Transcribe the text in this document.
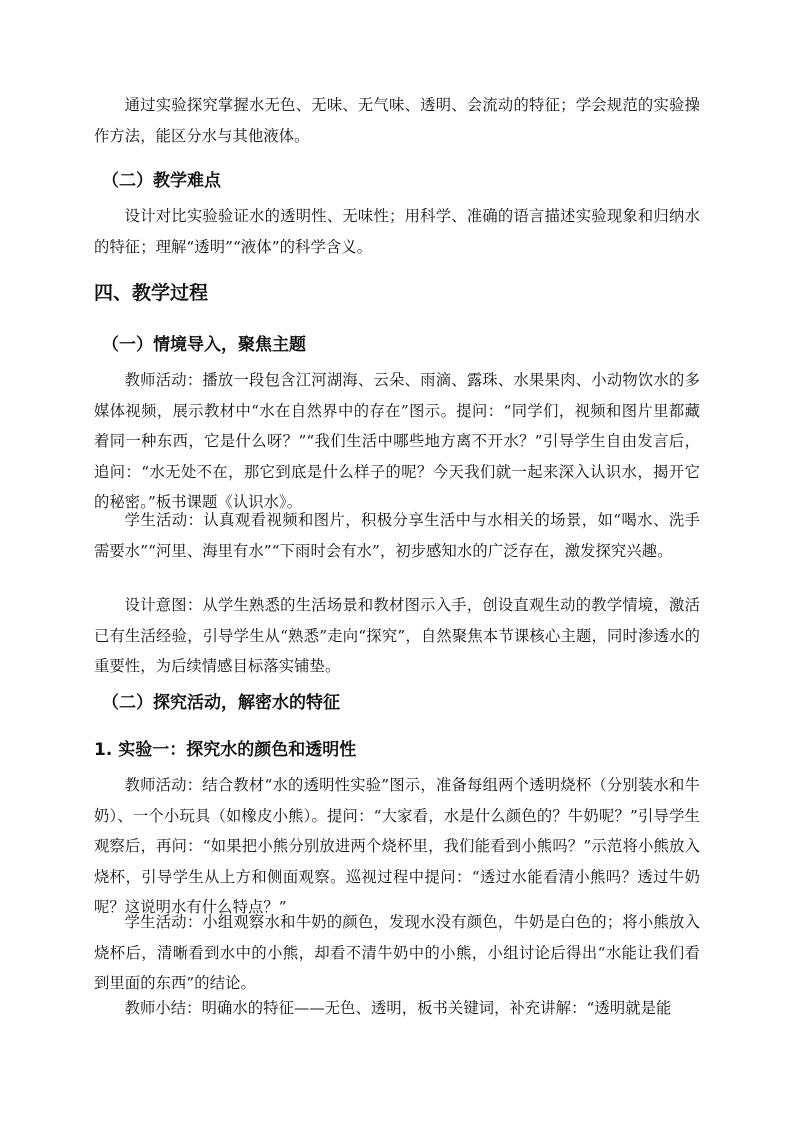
通过实验探究掌握水无色、无味、无气味、透明、会流动的特征；学会规范的实验操作方法，能区分水与其他液体。

（二）教学难点

设计对比实验验证水的透明性、无味性；用科学、准确的语言描述实验现象和归纳水的特征；理解“透明”“液体”的科学含义。

四、教学过程
（一）情境导入，聚焦主题

教师活动：播放一段包含江河湖海、云朵、雨滴、露珠、水果果肉、小动物饮水的多媒体视频，展示教材中“水在自然界中的存在”图示。提问：“同学们，视频和图片里都藏着同一种东西，它是什么呀？”“我们生活中哪些地方离不开水？”引导学生自由发言后，追问：“水无处不在，那它到底是什么样子的呢？今天我们就一起来深入认识水，揭开它的秘密。”板书课题《认识水》。

学生活动：认真观看视频和图片，积极分享生活中与水相关的场景，如“喝水、洗手需要水”“河里、海里有水”“下雨时会有水”，初步感知水的广泛存在，激发探究兴趣。

设计意图：从学生熟悉的生活场景和教材图示入手，创设直观生动的教学情境，激活已有生活经验，引导学生从“熟悉”走向“探究”，自然聚焦本节课核心主题，同时渗透水的重要性，为后续情感目标落实铺垫。

（二）探究活动，解密水的特征
1. 实验一：探究水的颜色和透明性

教师活动：结合教材“水的透明性实验”图示，准备每组两个透明烧杯（分别装水和牛奶）、一个小玩具（如橡皮小熊）。提问：“大家看，水是什么颜色的？牛奶呢？”引导学生观察后，再问：“如果把小熊分别放进两个烧杯里，我们能看到小熊吗？”示范将小熊放入烧杯，引导学生从上方和侧面观察。巡视过程中提问：“透过水能看清小熊吗？透过牛奶呢？这说明水有什么特点？”

学生活动：小组观察水和牛奶的颜色，发现水没有颜色，牛奶是白色的；将小熊放入烧杯后，清晰看到水中的小熊，却看不清牛奶中的小熊，小组讨论后得出“水能让我们看到里面的东西”的结论。

教师小结：明确水的特征——无色、透明，板书关键词，补充讲解：“透明就是能
